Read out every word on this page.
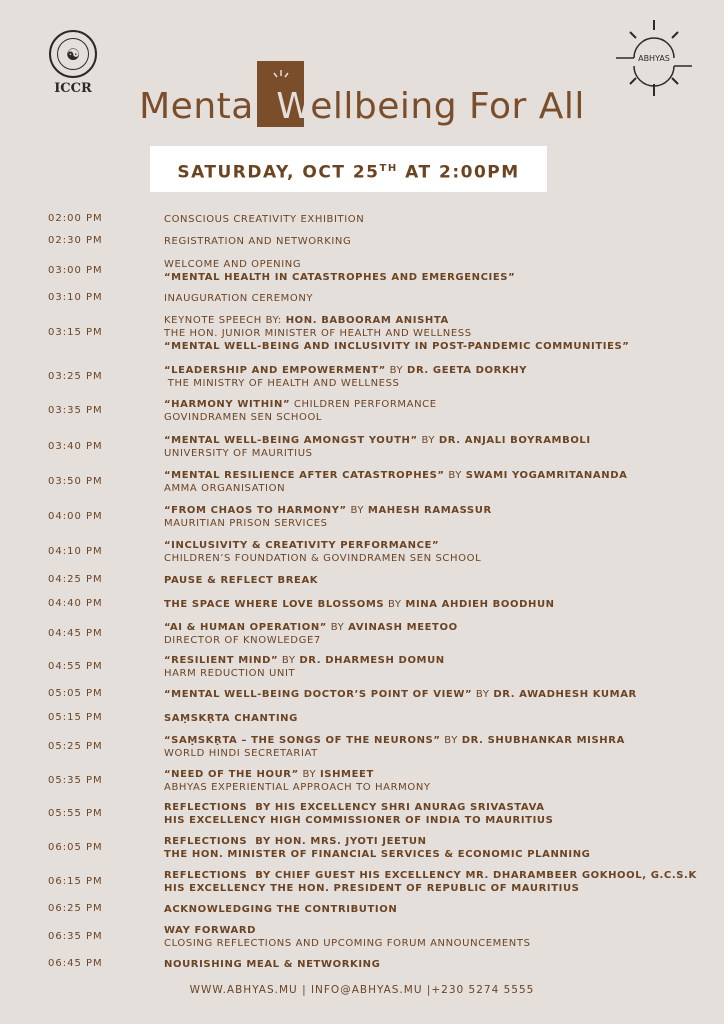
☯
ICCR
ABHYAS
Mental Wellbeing For All
SATURDAY, OCT 25TH AT 2:00PM
02:00 PM	CONSCIOUS CREATIVITY EXHIBITION
02:30 PM	REGISTRATION AND NETWORKING
03:00 PM	WELCOME AND OPENING
“MENTAL HEALTH IN CATASTROPHES AND EMERGENCIES”
03:10 PM	INAUGURATION CEREMONY
03:15 PM
KEYNOTE SPEECH BY: HON. BABOORAM ANISHTA
THE HON. JUNIOR MINISTER OF HEALTH AND WELLNESS
“MENTAL WELL-BEING AND INCLUSIVITY IN POST-PANDEMIC COMMUNITIES”
03:25 PM	“LEADERSHIP AND EMPOWERMENT” BY DR. GEETA DORKHY
THE MINISTRY OF HEALTH AND WELLNESS
03:35 PM	“HARMONY WITHIN” CHILDREN PERFORMANCE
GOVINDRAMEN SEN SCHOOL
03:40 PM	“MENTAL WELL-BEING AMONGST YOUTH” BY DR. ANJALI BOYRAMBOLI
UNIVERSITY OF MAURITIUS
03:50 PM	“MENTAL RESILIENCE AFTER CATASTROPHES” BY SWAMI YOGAMRITANANDA
AMMA ORGANISATION
04:00 PM	“FROM CHAOS TO HARMONY” BY MAHESH RAMASSUR
MAURITIAN PRISON SERVICES
04:10 PM	“INCLUSIVITY & CREATIVITY PERFORMANCE”
CHILDREN’S FOUNDATION & GOVINDRAMEN SEN SCHOOL
04:25 PM	PAUSE & REFLECT BREAK
04:40 PM	THE SPACE WHERE LOVE BLOSSOMS BY MINA AHDIEH BOODHUN
04:45 PM	“AI & HUMAN OPERATION” BY AVINASH MEETOO
DIRECTOR OF KNOWLEDGE7
04:55 PM	“RESILIENT MIND” BY DR. DHARMESH DOMUN
HARM REDUCTION UNIT
05:05 PM	“MENTAL WELL-BEING DOCTOR’S POINT OF VIEW” BY DR. AWADHESH KUMAR
05:15 PM	SAṂSKṚTA CHANTING
05:25 PM	“SAṂSKṚTA – THE SONGS OF THE NEURONS” BY DR. SHUBHANKAR MISHRA
WORLD HINDI SECRETARIAT
05:35 PM	“NEED OF THE HOUR” BY ISHMEET
ABHYAS EXPERIENTIAL APPROACH TO HARMONY
05:55 PM	REFLECTIONS  BY HIS EXCELLENCY SHRI ANURAG SRIVASTAVA
HIS EXCELLENCY HIGH COMMISSIONER OF INDIA TO MAURITIUS
06:05 PM	REFLECTIONS  BY HON. MRS. JYOTI JEETUN
THE HON. MINISTER OF FINANCIAL SERVICES & ECONOMIC PLANNING
06:15 PM	REFLECTIONS  BY CHIEF GUEST HIS EXCELLENCY MR. DHARAMBEER GOKHOOL, G.C.S.K
HIS EXCELLENCY THE HON. PRESIDENT OF REPUBLIC OF MAURITIUS
06:25 PM	ACKNOWLEDGING THE CONTRIBUTION
06:35 PM	WAY FORWARD
CLOSING REFLECTIONS AND UPCOMING FORUM ANNOUNCEMENTS
06:45 PM	NOURISHING MEAL & NETWORKING
WWW.ABHYAS.MU | INFO@ABHYAS.MU |+230 5274 5555
